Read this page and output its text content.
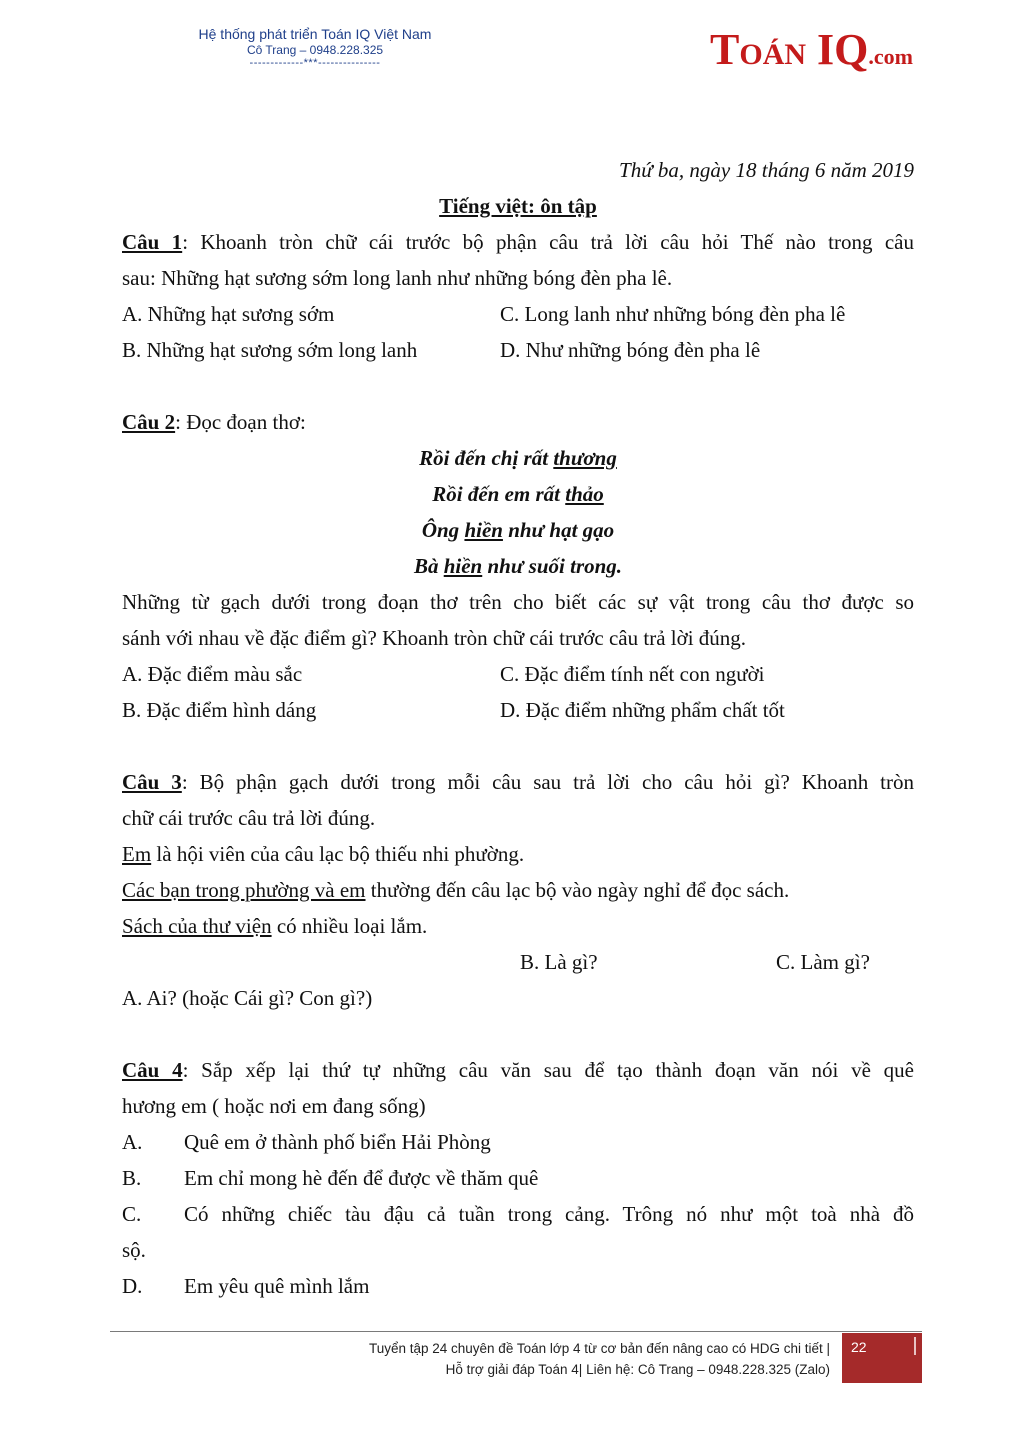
Hệ thống phát triển Toán IQ Việt Nam
Cô Trang – 0948.228.325
-------------***---------------	TOÁN IQ.com
Thứ ba, ngày 18 tháng 6 năm 2019
Tiếng việt: ôn tập
Câu 1: Khoanh tròn chữ cái trước bộ phận câu trả lời câu hỏi Thế nào trong câu
sau: Những hạt sương sớm long lanh như những bóng đèn pha lê.
A. Những hạt sương sớm	C. Long lanh như những bóng đèn pha lê
B. Những hạt sương sớm long lanh	D. Như những bóng đèn pha lê
Câu 2: Đọc đoạn thơ:
Rồi đến chị rất thương
Rồi đến em rất thảo
Ông hiền như hạt gạo
Bà hiền như suối trong.
Những từ gạch dưới trong đoạn thơ trên cho biết các sự vật trong câu thơ được so
sánh với nhau về đặc điểm gì? Khoanh tròn chữ cái trước câu trả lời đúng.
A. Đặc điểm màu sắc	C. Đặc điểm tính nết con người
B. Đặc điểm hình dáng	D. Đặc điểm những phẩm chất tốt
Câu 3: Bộ phận gạch dưới trong mỗi câu sau trả lời cho câu hỏi gì? Khoanh tròn
chữ cái trước câu trả lời đúng.
Em là hội viên của câu lạc bộ thiếu nhi phường.
Các bạn trong phường và em thường đến câu lạc bộ vào ngày nghỉ để đọc sách.
Sách của thư viện có nhiều loại lắm.
B. Là gì?	C. Làm gì?
A. Ai? (hoặc Cái gì? Con gì?)
Câu 4: Sắp xếp lại thứ tự những câu văn sau để tạo thành đoạn văn nói về quê
hương em ( hoặc nơi em đang sống)
A.	Quê em ở thành phố biển Hải Phòng
B.	Em chỉ mong hè đến để được về thăm quê
C.	Có những chiếc tàu đậu cả tuần trong cảng. Trông nó như một toà nhà đồ
sộ.
D.	Em yêu quê mình lắm
Tuyển tập 24 chuyên đề Toán lớp 4 từ cơ bản đến nâng cao có HDG chi tiết |
Hỗ trợ giải đáp Toán 4| Liên hệ: Cô Trang – 0948.228.325 (Zalo)
22
